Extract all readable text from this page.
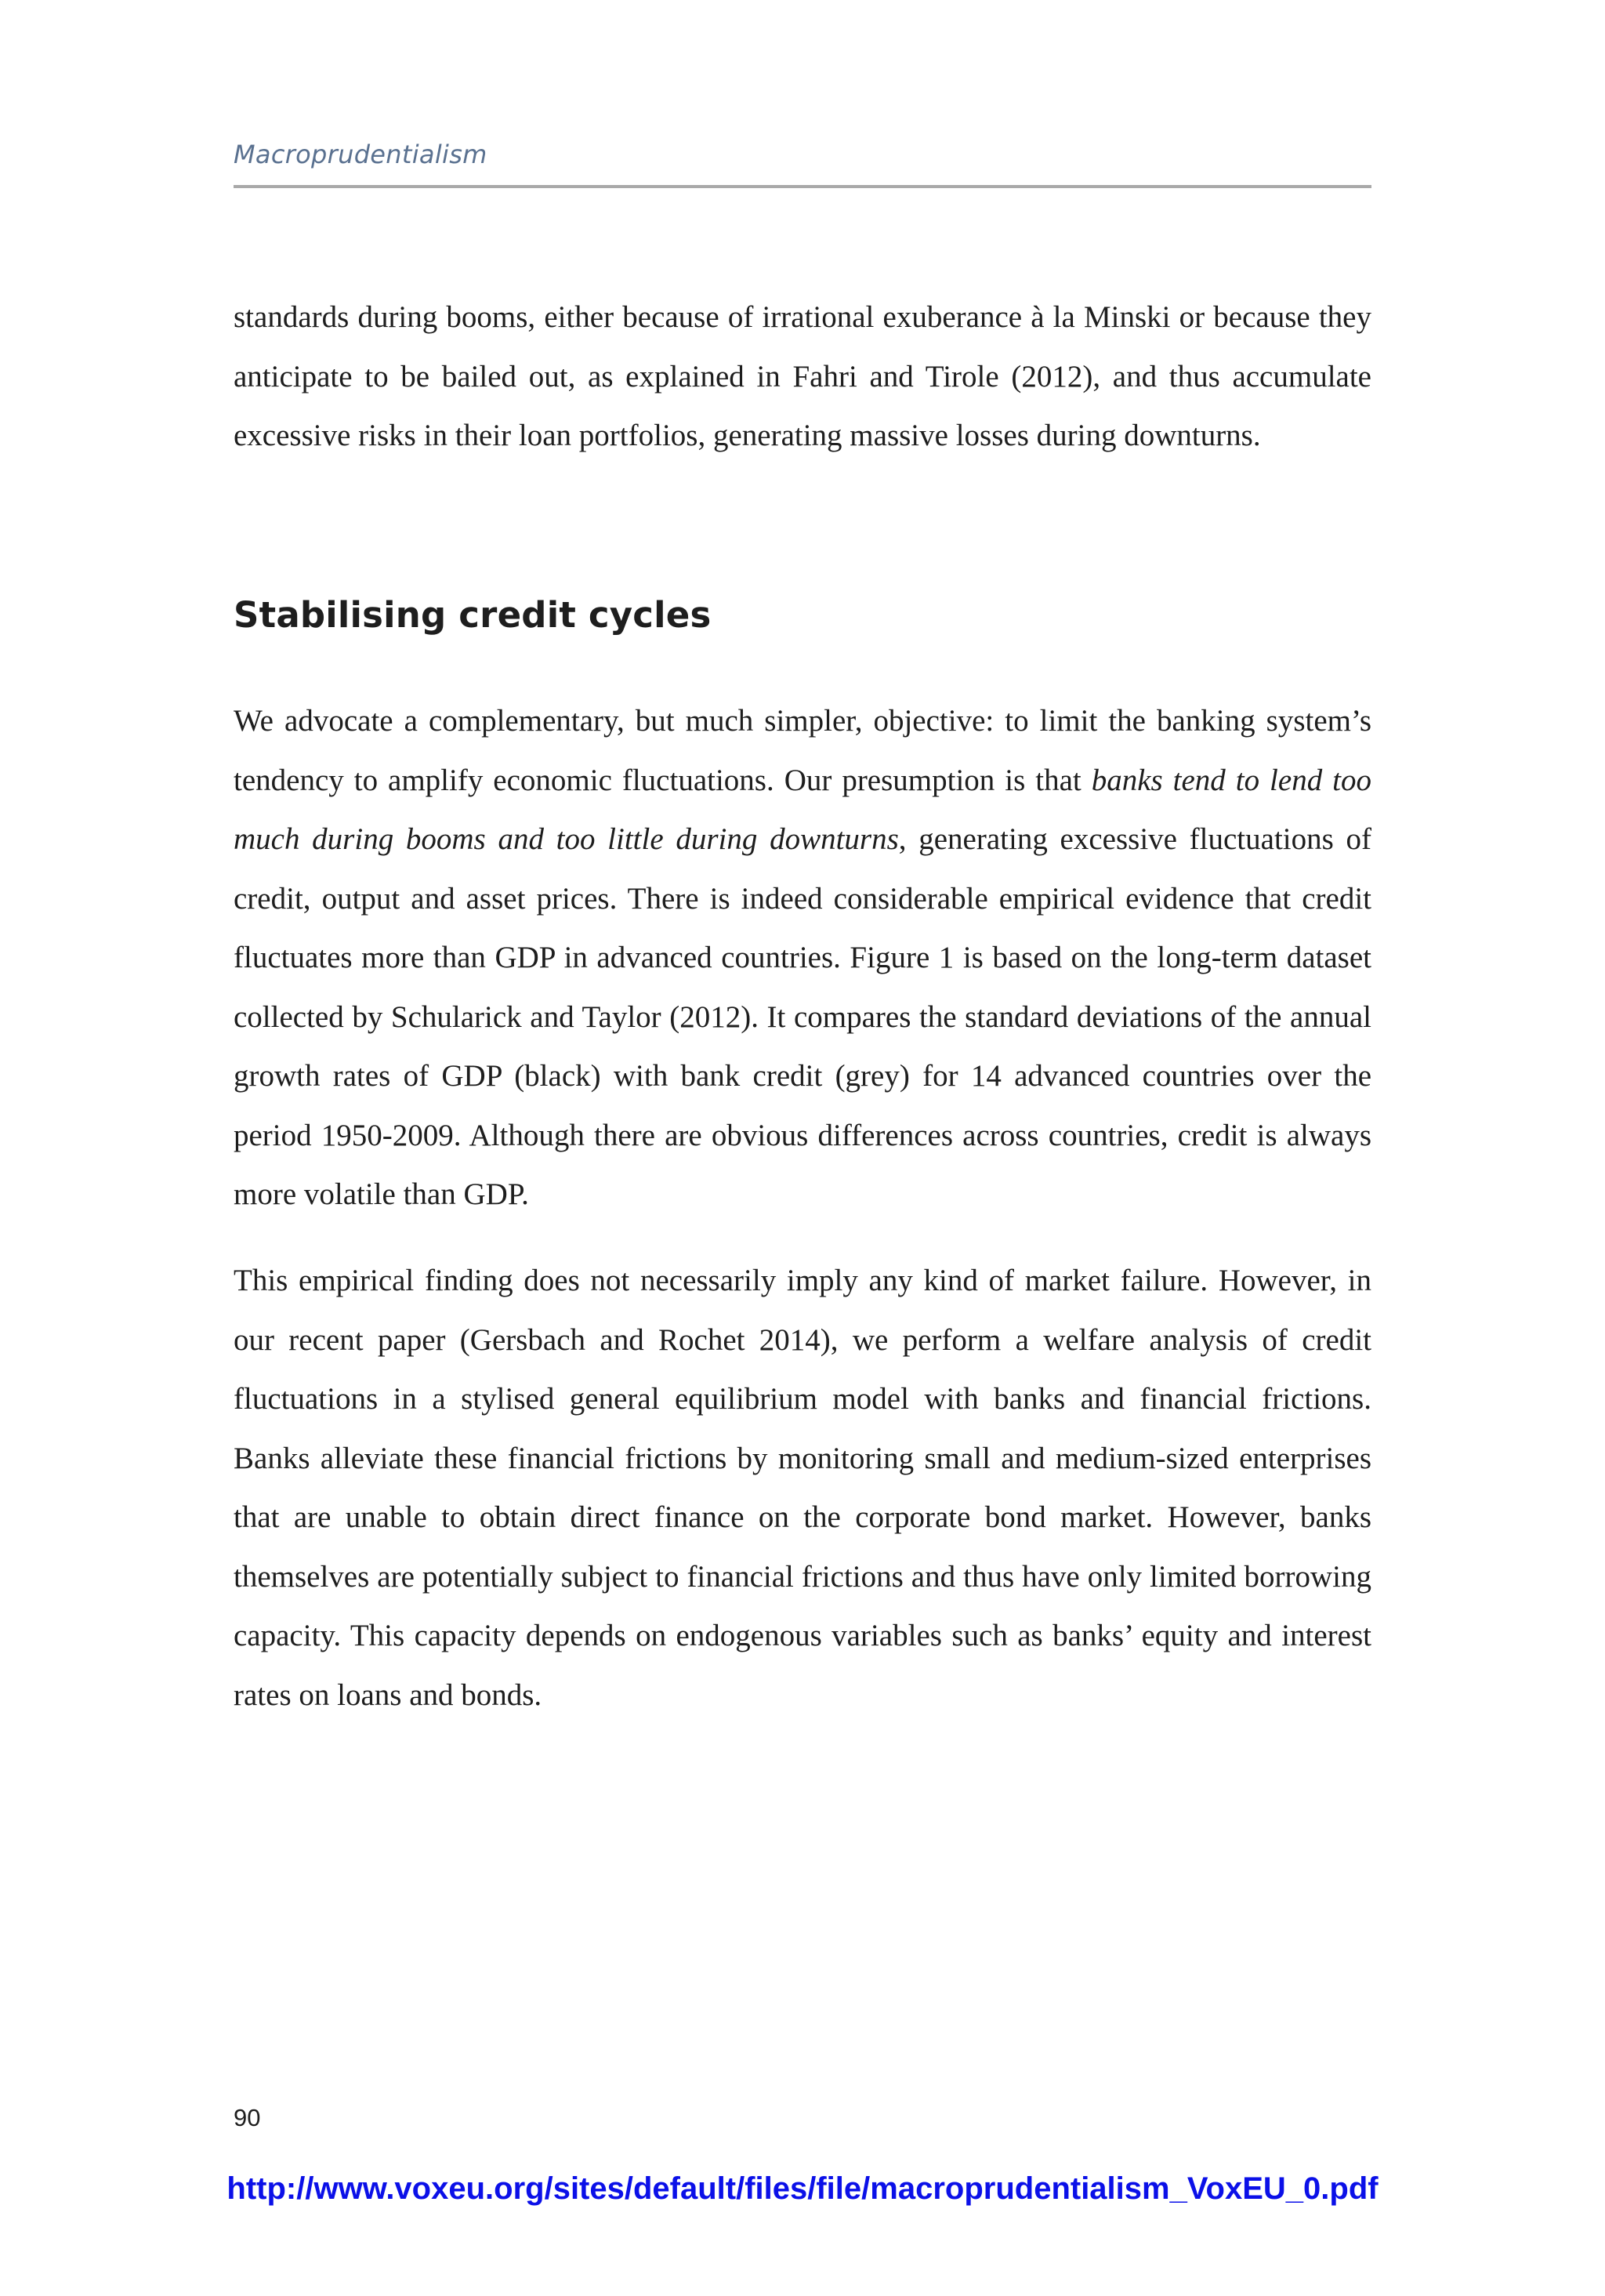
Macroprudentialism

standards during booms, either because of irrational exuberance à la Minski or because they anticipate to be bailed out, as explained in Fahri and Tirole (2012), and thus accumulate excessive risks in their loan portfolios, generating massive losses during downturns.

Stabilising credit cycles

We advocate a complementary, but much simpler, objective: to limit the banking system’s tendency to amplify economic fluctuations. Our presumption is that banks tend to lend too much during booms and too little during downturns, generating excessive fluctuations of credit, output and asset prices. There is indeed considerable empirical evidence that credit fluctuates more than GDP in advanced countries. Figure 1 is based on the long-term dataset collected by Schularick and Taylor (2012). It compares the standard deviations of the annual growth rates of GDP (black) with bank credit (grey) for 14 advanced countries over the period 1950-2009. Although there are obvious differences across countries, credit is always more volatile than GDP.

This empirical finding does not necessarily imply any kind of market failure. However, in our recent paper (Gersbach and Rochet 2014), we perform a welfare analysis of credit fluctuations in a stylised general equilibrium model with banks and financial frictions. Banks alleviate these financial frictions by monitoring small and medium-sized enterprises that are unable to obtain direct finance on the corporate bond market. However, banks themselves are potentially subject to financial frictions and thus have only limited borrowing capacity. This capacity depends on endogenous variables such as banks’ equity and interest rates on loans and bonds.

90
http://www.voxeu.org/sites/default/files/file/macroprudentialism_VoxEU_0.pdf
